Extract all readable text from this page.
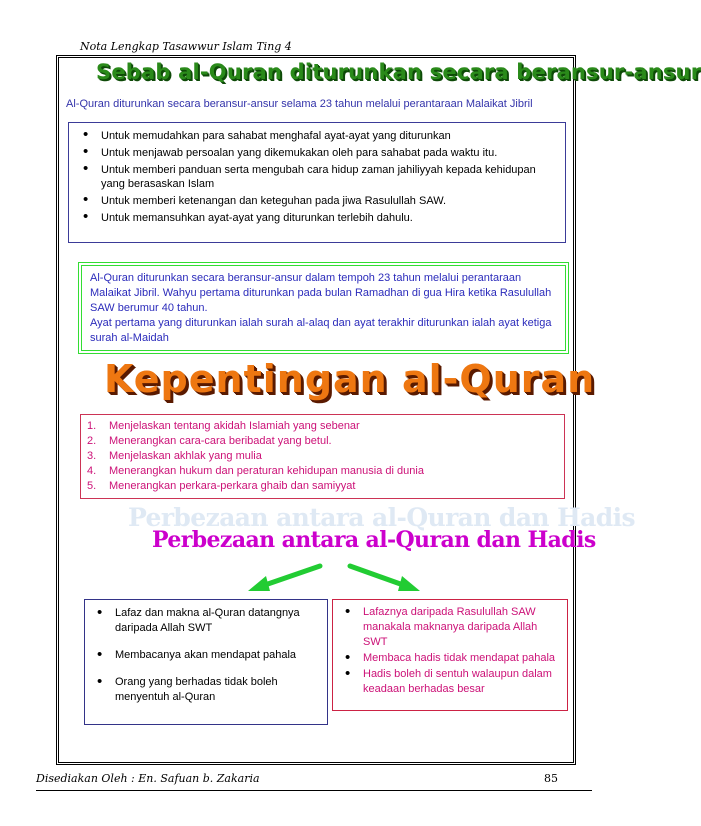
Nota Lengkap Tasawwur Islam Ting 4
Sebab al-Quran diturunkan secara beransur-ansur
Al-Quran diturunkan secara beransur-ansur selama 23 tahun melalui perantaraan Malaikat Jibril
• Untuk memudahkan para sahabat menghafal ayat-ayat yang diturunkan
• Untuk menjawab persoalan yang dikemukakan oleh para sahabat pada waktu itu.
• Untuk memberi panduan serta mengubah cara hidup zaman jahiliyyah kepada kehidupan yang berasaskan Islam
• Untuk memberi ketenangan dan keteguhan pada jiwa Rasulullah SAW.
• Untuk memansuhkan ayat-ayat yang diturunkan terlebih dahulu.

Al-Quran diturunkan secara beransur-ansur dalam tempoh 23 tahun melalui perantaraan Malaikat Jibril. Wahyu pertama diturunkan pada bulan Ramadhan di gua Hira ketika Rasulullah SAW berumur 40 tahun.

Ayat pertama yang diturunkan ialah surah al-alaq dan ayat terakhir diturunkan ialah ayat ketiga surah al-Maidah

Kepentingan al-Quran
1.	Menjelaskan tentang akidah Islamiah yang sebenar
2.	Menerangkan cara-cara beribadat yang betul.
3.	Menjelaskan akhlak yang mulia
4.	Menerangkan hukum dan peraturan kehidupan manusia di dunia
5.	Menerangkan perkara-perkara ghaib dan samiyyat
Perbezaan antara al-Quran dan Hadis
Perbezaan antara al-Quran dan Hadis
• Lafaz dan makna al-Quran datangnya daripada Allah SWT
• Membacanya akan mendapat pahala
• Orang yang berhadas tidak boleh menyentuh al-Quran
• Lafaznya daripada Rasulullah SAW manakala maknanya daripada Allah SWT
• Membaca hadis tidak mendapat pahala
• Hadis boleh di sentuh walaupun dalam keadaan berhadas besar
Disediakan Oleh : En. Safuan b. Zakaria	85
